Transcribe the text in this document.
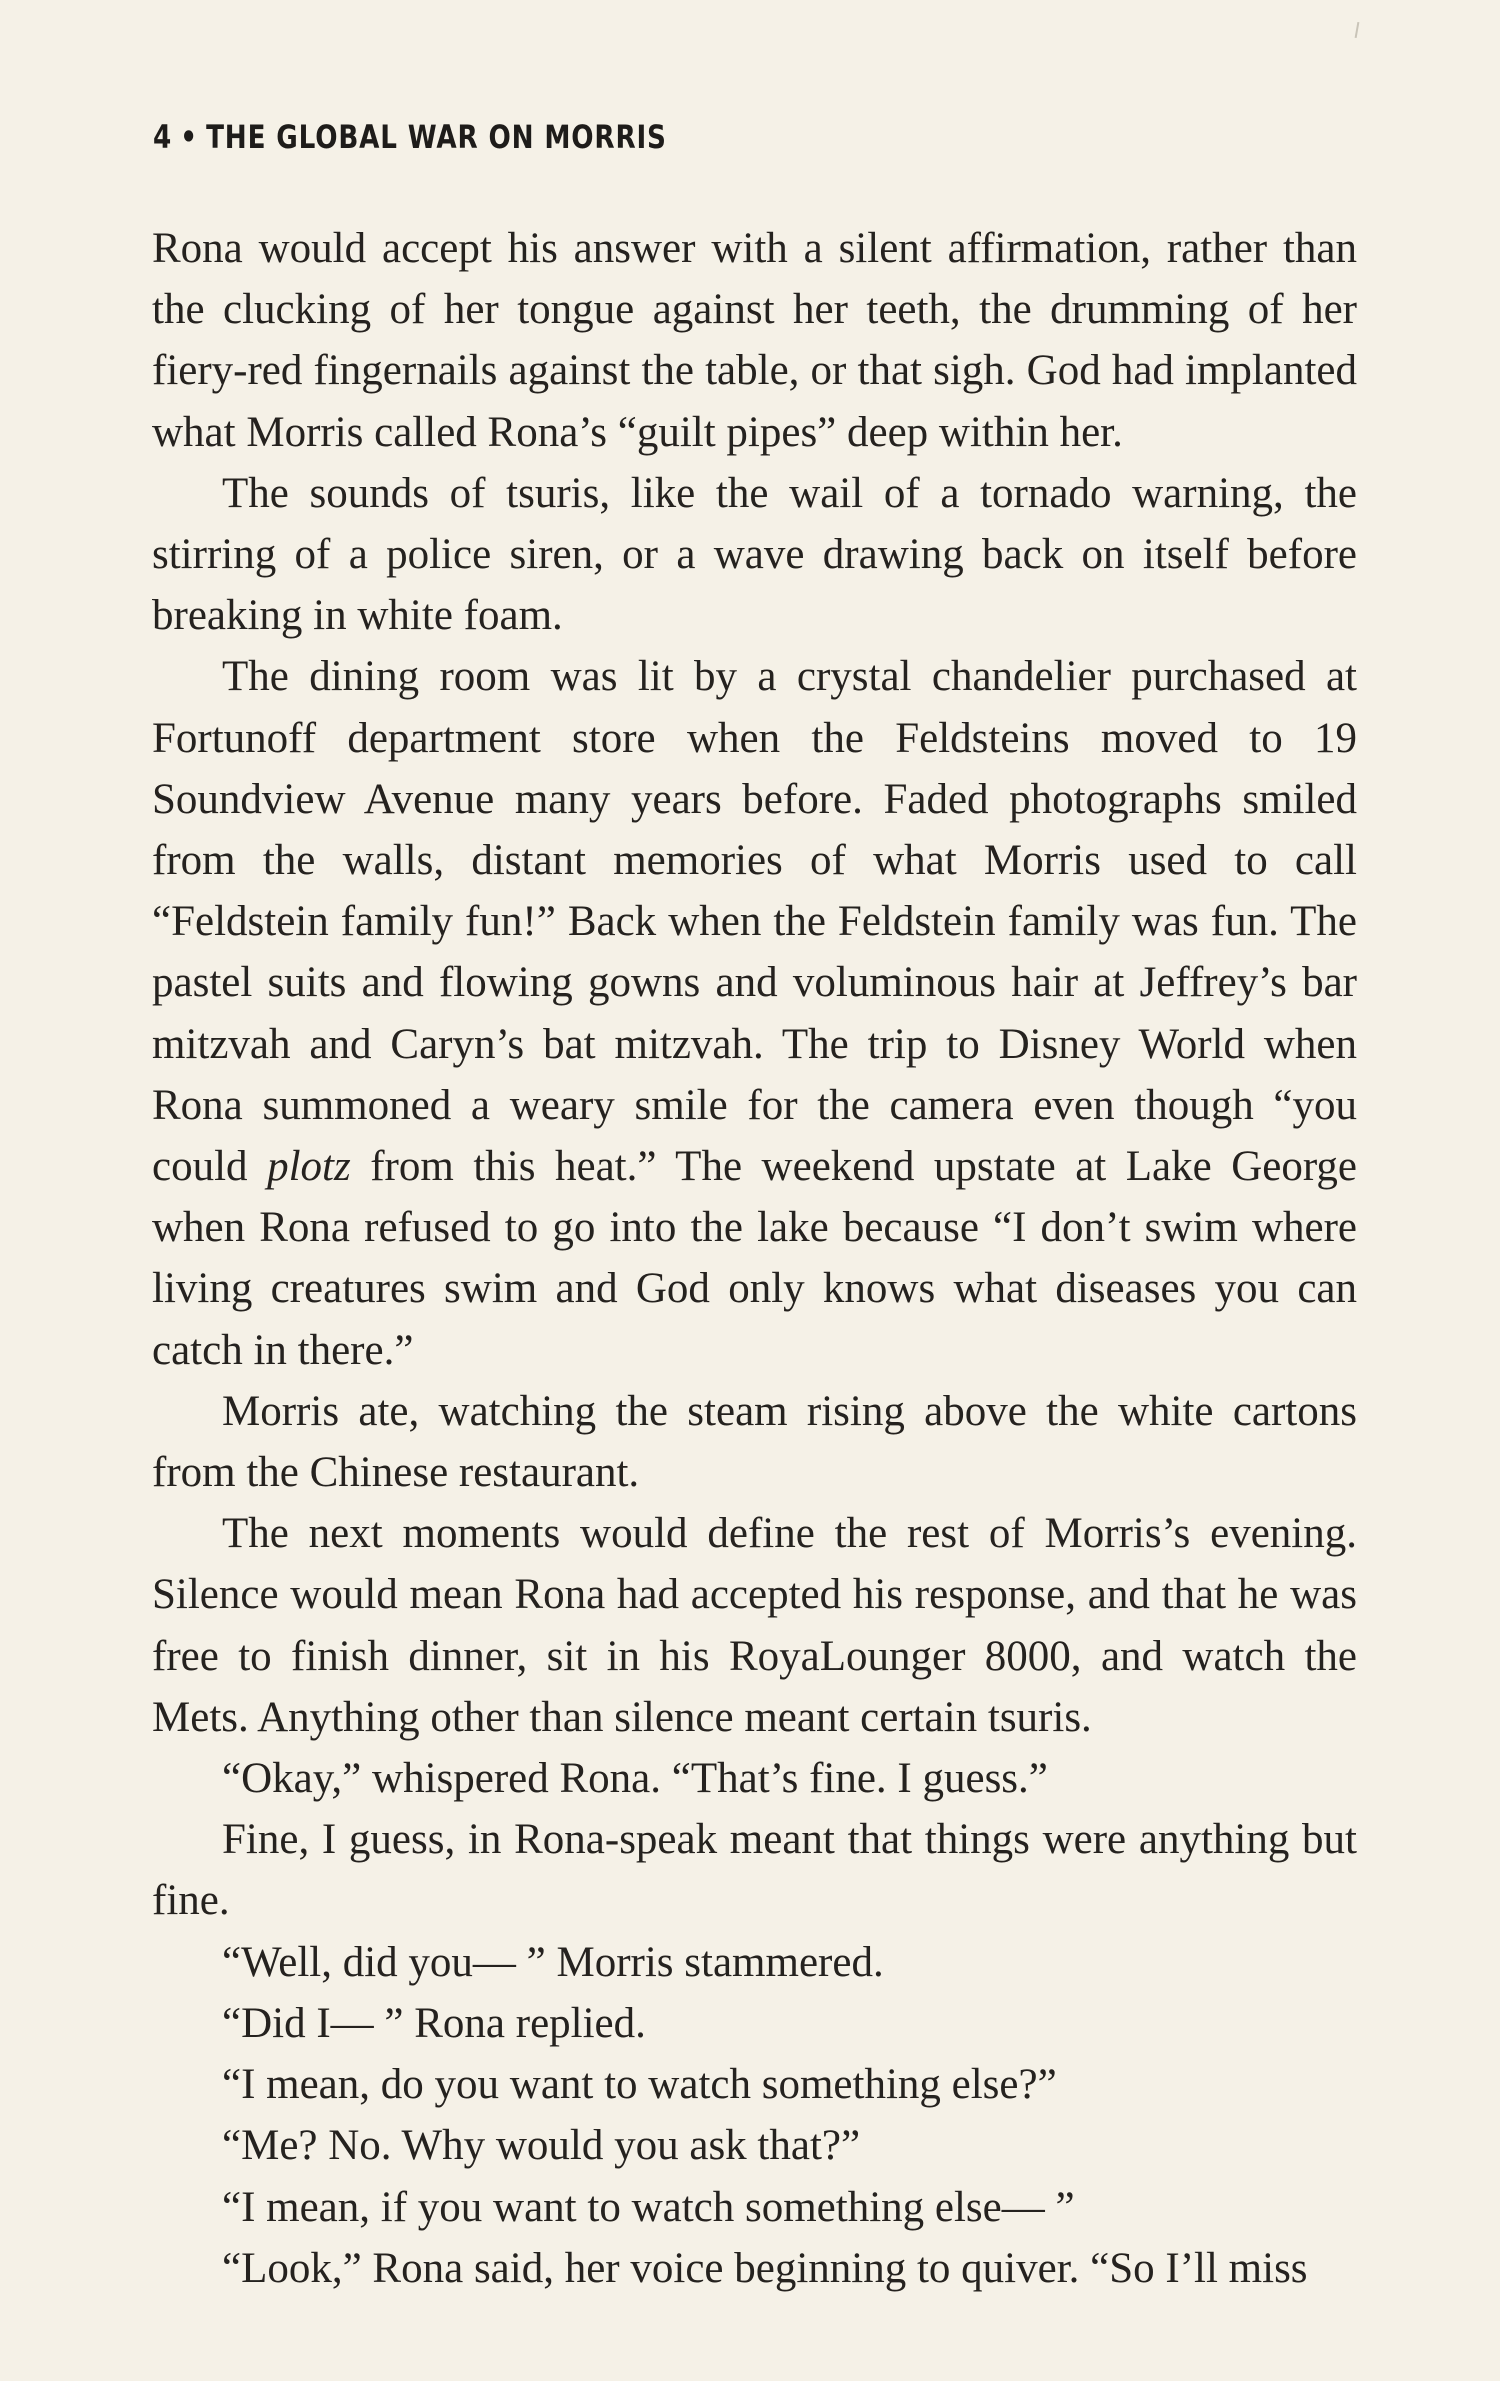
4 • THE GLOBAL WAR ON MORRIS

Rona would accept his answer with a silent affirmation, rather than the clucking of her tongue against her teeth, the drumming of her fiery-red fingernails against the table, or that sigh. God had implanted what Morris called Rona’s “guilt pipes” deep within her.

The sounds of tsuris, like the wail of a tornado warning, the stirring of a police siren, or a wave drawing back on itself before breaking in white foam.

The dining room was lit by a crystal chandelier purchased at Fortunoff department store when the Feldsteins moved to 19 Soundview Avenue many years before. Faded photographs smiled from the walls, distant memories of what Morris used to call “Feldstein family fun!” Back when the Feldstein family was fun. The pastel suits and flowing gowns and voluminous hair at Jeffrey’s bar mitzvah and Caryn’s bat mitzvah. The trip to Disney World when Rona summoned a weary smile for the camera even though “you could plotz from this heat.” The weekend upstate at Lake George when Rona refused to go into the lake because “I don’t swim where living creatures swim and God only knows what diseases you can catch in there.”

Morris ate, watching the steam rising above the white cartons from the Chinese restaurant.

The next moments would define the rest of Morris’s evening. Silence would mean Rona had accepted his response, and that he was free to finish dinner, sit in his RoyaLounger 8000, and watch the Mets. Anything other than silence meant certain tsuris.

“Okay,” whispered Rona. “That’s fine. I guess.”

Fine, I guess, in Rona-speak meant that things were anything but fine.

“Well, did you— ” Morris stammered.

“Did I— ” Rona replied.

“I mean, do you want to watch something else?”

“Me? No. Why would you ask that?”

“I mean, if you want to watch something else— ”

“Look,” Rona said, her voice beginning to quiver. “So I’ll miss
